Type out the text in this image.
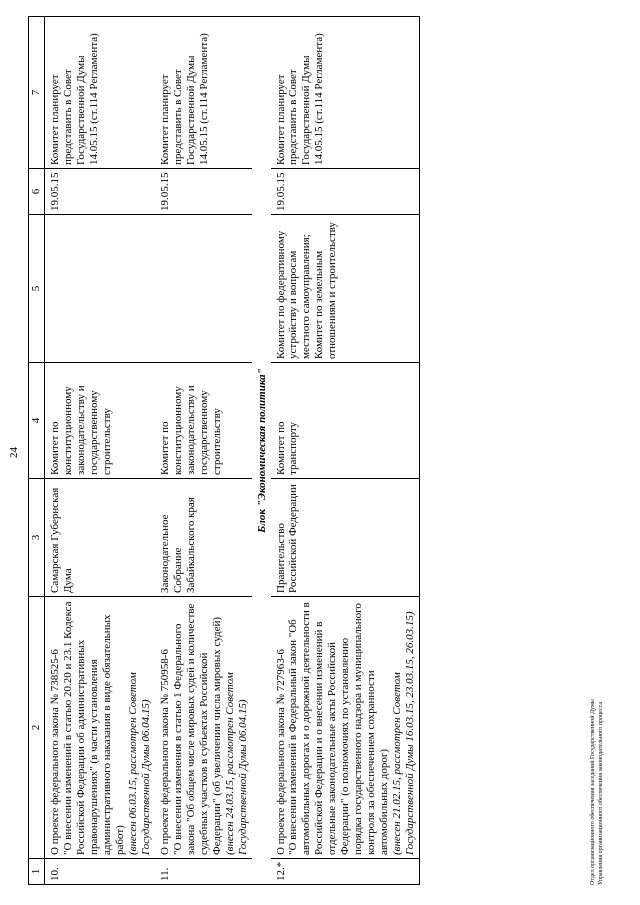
24
1	2	3	4	5	6	7
10.	О проекте федерального закона № 738525-6 "О внесении изменений в статью 20.20 и 23.1 Кодекса Российской Федерации об административных правонарушениях" (в части установления административного наказания в виде обязательных работ) (внесен 06.03.15, рассмотрен Советом Государственной Думы 06.04.15)	Самарская Губернская Дума	Комитет по конституционному законодательству и государственному строительству		19.05.15	Комитет планирует представить в Совет Государственной Думы 14.05.15 (ст.114 Регламента)
11.	О проекте федерального закона № 750958-6 "О внесении изменения в статью 1 Федерального закона "Об общем числе мировых судей и количестве судебных участков в субъектах Российской Федерации" (об увеличении числа мировых судей) (внесен 24.03.15, рассмотрен Советом Государственной Думы 06.04.15)	Законодательное Собрание Забайкальского края	Комитет по конституционному законодательству и государственному строительству		19.05.15	Комитет планирует представить в Совет Государственной Думы 14.05.15 (ст.114 Регламента)
Блок "Экономическая политика"						
12.*	О проекте федерального закона № 727963-6 "О внесении изменений в Федеральный закон "Об автомобильных дорогах и о дорожной деятельности в Российской Федерации и о внесении изменений в отдельные законодательные акты Российской Федерации" (о полномочиях по установлению порядка государственного надзора и муниципального контроля за обеспечением сохранности автомобильных дорог) (внесен 21.02.15, рассмотрен Советом Государственной Думы 16.03.15, 23.03.15, 26.03.15)	Правительство Российской Федерации	Комитет по транспорту	Комитет по федеративному устройству и вопросам местного самоуправления; Комитет по земельным отношениям и строительству	19.05.15	Комитет планирует представить в Совет Государственной Думы 14.05.15 (ст.114 Регламента)
Отдел организационного обеспечения заседаний Государственной Думы Управления организационного обеспечения законодательного процесса
